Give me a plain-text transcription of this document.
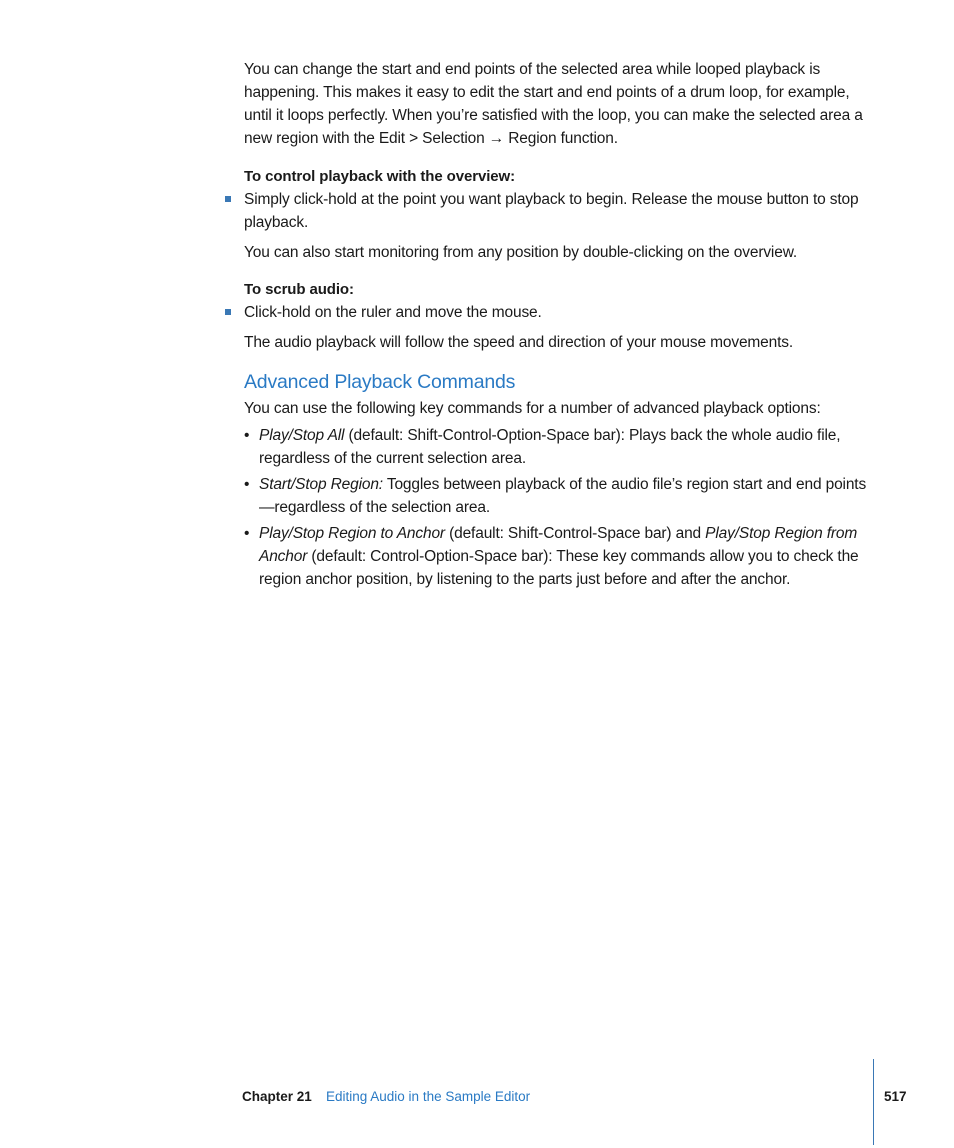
You can change the start and end points of the selected area while looped playback is happening. This makes it easy to edit the start and end points of a drum loop, for example, until it loops perfectly. When you’re satisfied with the loop, you can make the selected area a new region with the Edit > Selection → Region function.

To control playback with the overview:
Simply click-hold at the point you want playback to begin. Release the mouse button to stop playback.

You can also start monitoring from any position by double-clicking on the overview.

To scrub audio:
Click-hold on the ruler and move the mouse.

The audio playback will follow the speed and direction of your mouse movements.

Advanced Playback Commands

You can use the following key commands for a number of advanced playback options:

• Play/Stop All (default: Shift-Control-Option-Space bar): Plays back the whole audio file, regardless of the current selection area.
• Start/Stop Region: Toggles between playback of the audio file’s region start and end points—regardless of the selection area.
• Play/Stop Region to Anchor (default: Shift-Control-Space bar) and Play/Stop Region from Anchor (default: Control-Option-Space bar): These key commands allow you to check the region anchor position, by listening to the parts just before and after the anchor.
Chapter 21 Editing Audio in the Sample Editor	517
